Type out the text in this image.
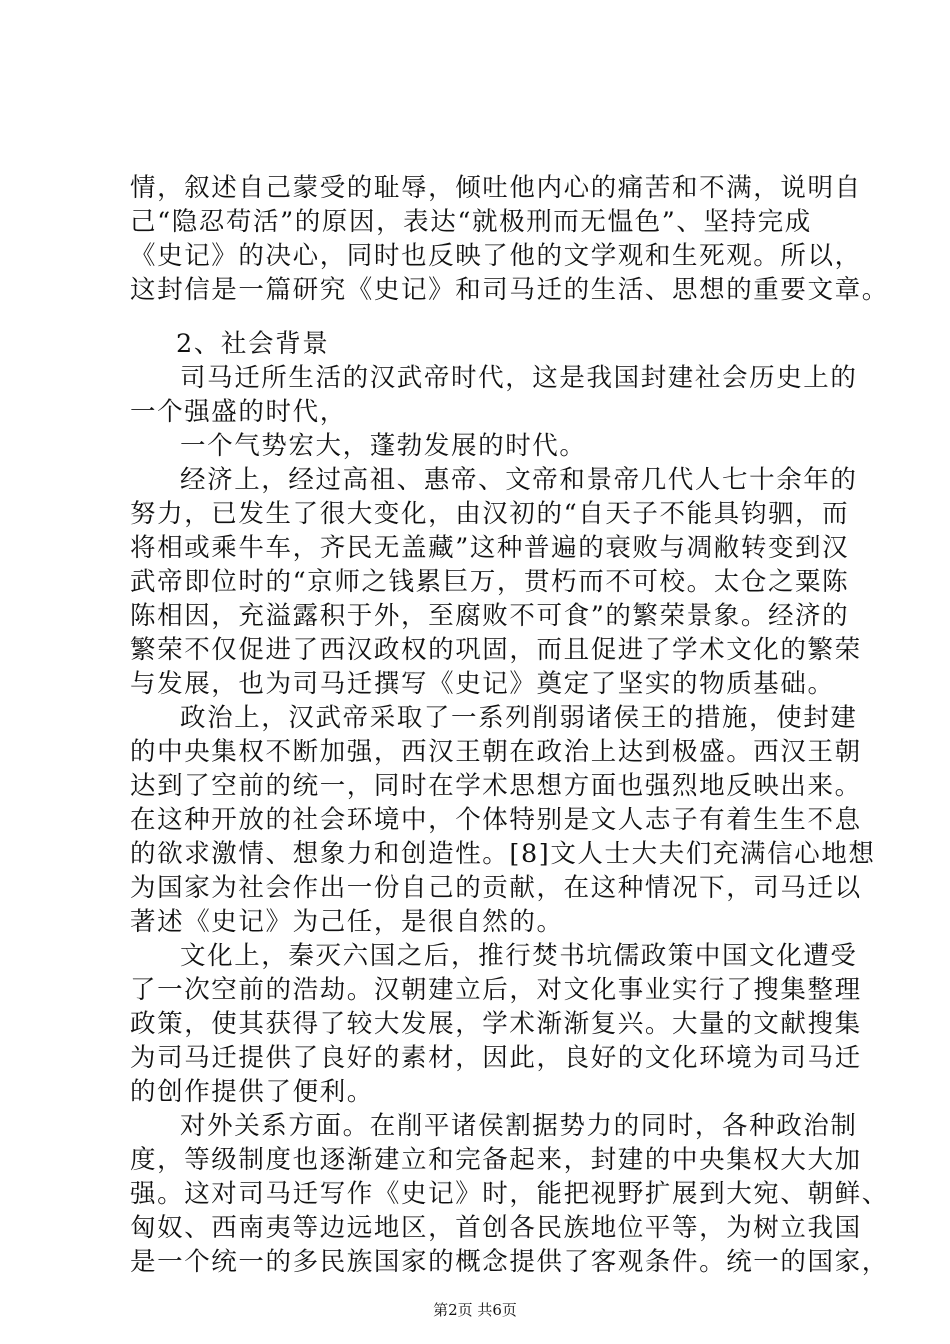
情，叙述自己蒙受的耻辱，倾吐他内心的痛苦和不满，说明自
己“隐忍苟活”的原因，表达“就极刑而无愠色”、坚持完成
《史记》的决心，同时也反映了他的文学观和生死观。所以，
这封信是一篇研究《史记》和司马迁的生活、思想的重要文章。
2、社会背景
司马迁所生活的汉武帝时代，这是我国封建社会历史上的
一个强盛的时代，
一个气势宏大，蓬勃发展的时代。
经济上，经过高祖、惠帝、文帝和景帝几代人七十余年的
努力，已发生了很大变化，由汉初的“自天子不能具钧驷，而
将相或乘牛车，齐民无盖藏”这种普遍的衰败与凋敝转变到汉
武帝即位时的“京师之钱累巨万，贯朽而不可校。太仓之粟陈
陈相因，充溢露积于外，至腐败不可食”的繁荣景象。经济的
繁荣不仅促进了西汉政权的巩固，而且促进了学术文化的繁荣
与发展，也为司马迁撰写《史记》奠定了坚实的物质基础。
政治上，汉武帝采取了一系列削弱诸侯王的措施，使封建
的中央集权不断加强，西汉王朝在政治上达到极盛。西汉王朝
达到了空前的统一，同时在学术思想方面也强烈地反映出来。
在这种开放的社会环境中，个体特别是文人志子有着生生不息
的欲求激情、想象力和创造性。[8]文人士大夫们充满信心地想
为国家为社会作出一份自己的贡献，在这种情况下，司马迁以
著述《史记》为己任，是很自然的。
文化上，秦灭六国之后，推行焚书坑儒政策中国文化遭受
了一次空前的浩劫。汉朝建立后，对文化事业实行了搜集整理
政策，使其获得了较大发展，学术渐渐复兴。大量的文献搜集
为司马迁提供了良好的素材，因此，良好的文化环境为司马迁
的创作提供了便利。
对外关系方面。在削平诸侯割据势力的同时，各种政治制
度，等级制度也逐渐建立和完备起来，封建的中央集权大大加
强。这对司马迁写作《史记》时，能把视野扩展到大宛、朝鲜、
匈奴、西南夷等边远地区，首创各民族地位平等，为树立我国
是一个统一的多民族国家的概念提供了客观条件。统一的国家，
第2页 共6页
